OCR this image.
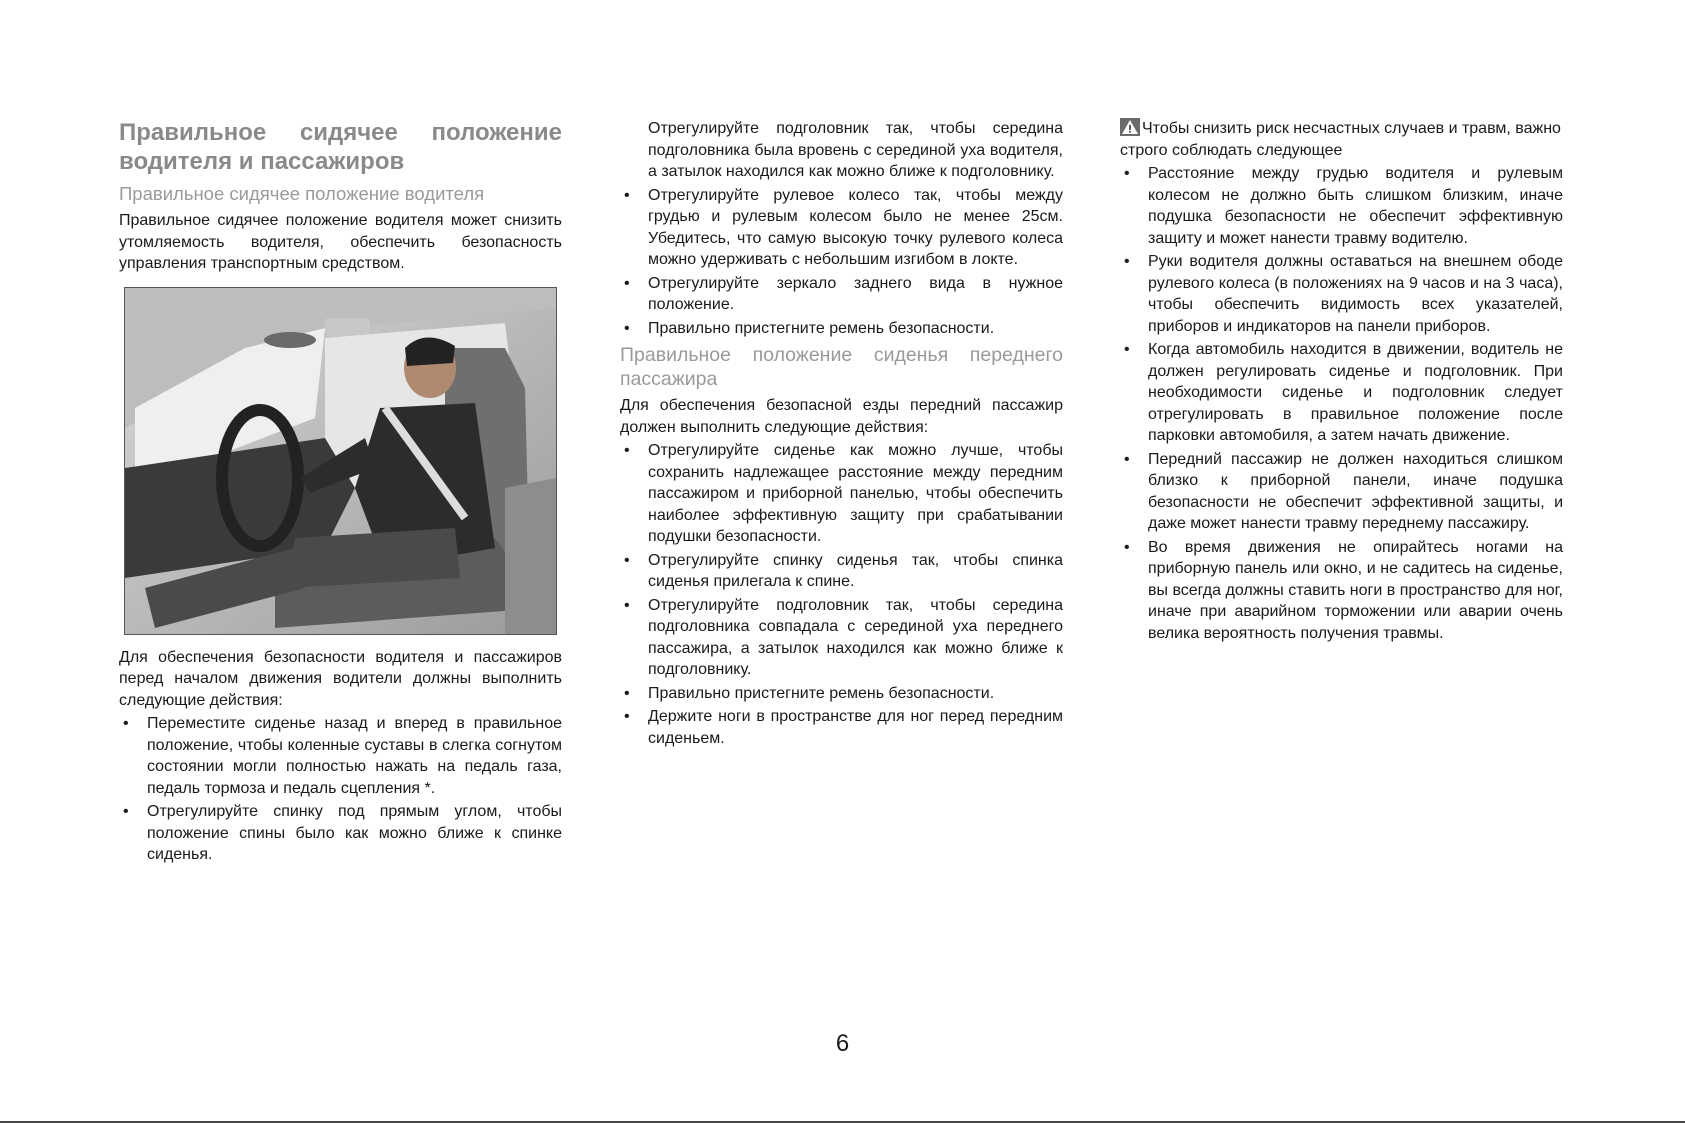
Правильное сидячее положение водителя и пассажиров
Правильное сидячее положение водителя

Правильное сидячее положение водителя может снизить утомляемость водителя, обеспечить безопасность управления транспортным средством.

Для обеспечения безопасности водителя и пассажиров перед началом движения водители должны выполнить следующие действия:

• Переместите сиденье назад и вперед в правильное положение, чтобы коленные суставы в слегка согнутом состоянии могли полностью нажать на педаль газа, педаль тормоза и педаль сцепления *.
• Отрегулируйте спинку под прямым углом, чтобы положение спины было как можно ближе к спинке сиденья.

Отрегулируйте подголовник так, чтобы середина подголовника была вровень с серединой уха водителя, а затылок находился как можно ближе к подголовнику.

• Отрегулируйте рулевое колесо так, чтобы между грудью и рулевым колесом было не менее 25см. Убедитесь, что самую высокую точку рулевого колеса можно удерживать с небольшим изгибом в локте.
• Отрегулируйте зеркало заднего вида в нужное положение.
• Правильно пристегните ремень безопасности.
Правильное положение сиденья переднего пассажира

Для обеспечения безопасной езды передний пассажир должен выполнить следующие действия:

• Отрегулируйте сиденье как можно лучше, чтобы сохранить надлежащее расстояние между передним пассажиром и приборной панелью, чтобы обеспечить наиболее эффективную защиту при срабатывании подушки безопасности.
• Отрегулируйте спинку сиденья так, чтобы спинка сиденья прилегала к спине.
• Отрегулируйте подголовник так, чтобы середина подголовника совпадала с серединой уха переднего пассажира, а затылок находился как можно ближе к подголовнику.
• Правильно пристегните ремень безопасности.
• Держите ноги в пространстве для ног перед передним сиденьем.

Чтобы снизить риск несчастных случаев и травм, важно строго соблюдать следующее

• Расстояние между грудью водителя и рулевым колесом не должно быть слишком близким, иначе подушка безопасности не обеспечит эффективную защиту и может нанести травму водителю.
• Руки водителя должны оставаться на внешнем ободе рулевого колеса (в положениях на 9 часов и на 3 часа), чтобы обеспечить видимость всех указателей, приборов и индикаторов на панели приборов.
• Когда автомобиль находится в движении, водитель не должен регулировать сиденье и подголовник. При необходимости сиденье и подголовник следует отрегулировать в правильное положение после парковки автомобиля, а затем начать движение.
• Передний пассажир не должен находиться слишком близко к приборной панели, иначе подушка безопасности не обеспечит эффективной защиты, и даже может нанести травму переднему пассажиру.
• Во время движения не опирайтесь ногами на приборную панель или окно, и не садитесь на сиденье, вы всегда должны ставить ноги в пространство для ног, иначе при аварийном торможении или аварии очень велика вероятность получения травмы.
6
